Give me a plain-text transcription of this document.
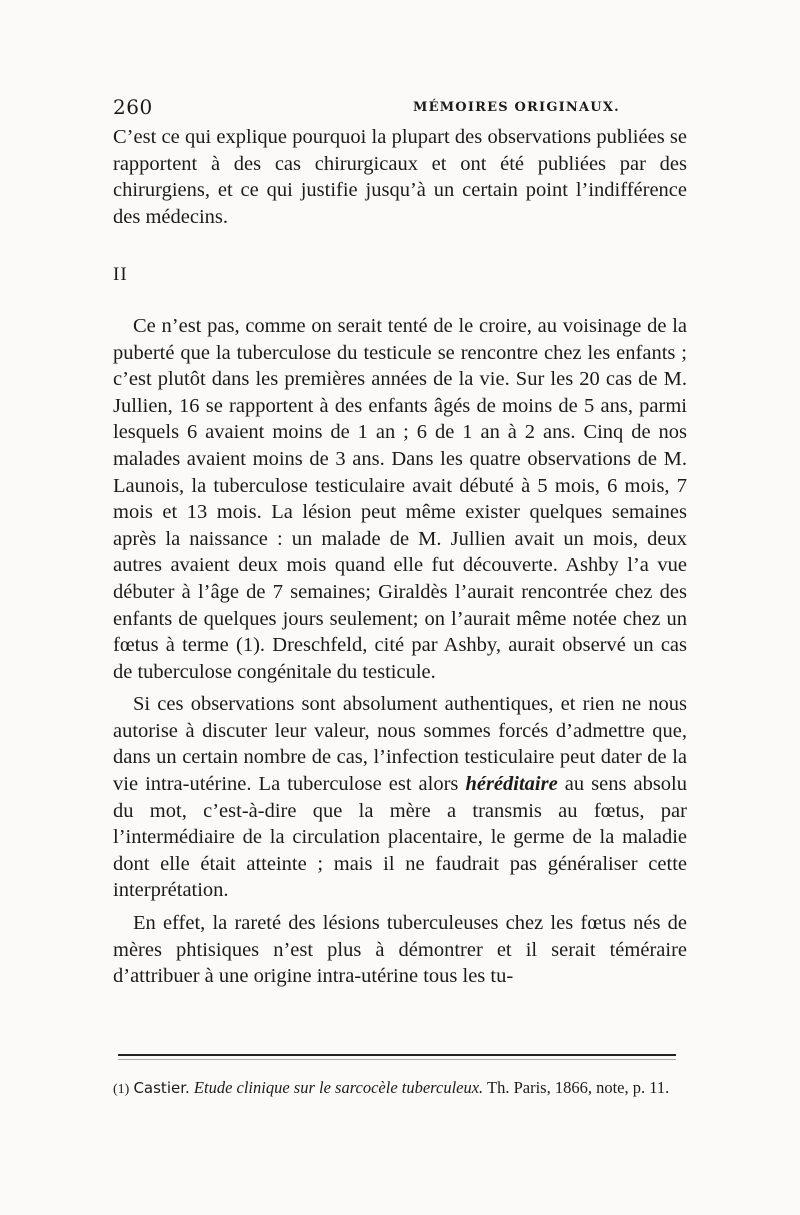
260	MÉMOIRES ORIGINAUX.

C’est ce qui explique pourquoi la plupart des observations publiées se rapportent à des cas chirurgicaux et ont été publiées par des chirurgiens, et ce qui justifie jusqu’à un certain point l’indifférence des médecins.

II

Ce n’est pas, comme on serait tenté de le croire, au voisinage de la puberté que la tuberculose du testicule se rencontre chez les enfants ; c’est plutôt dans les premières années de la vie. Sur les 20 cas de M. Jullien, 16 se rapportent à des enfants âgés de moins de 5 ans, parmi lesquels 6 avaient moins de 1 an ; 6 de 1 an à 2 ans. Cinq de nos malades avaient moins de 3 ans. Dans les quatre observations de M. Launois, la tuberculose testiculaire avait débuté à 5 mois, 6 mois, 7 mois et 13 mois. La lésion peut même exister quelques semaines après la naissance : un malade de M. Jullien avait un mois, deux autres avaient deux mois quand elle fut découverte. Ashby l’a vue débuter à l’âge de 7 semaines; Giraldès l’aurait rencontrée chez des enfants de quelques jours seulement; on l’aurait même notée chez un fœtus à terme (1). Dreschfeld, cité par Ashby, aurait observé un cas de tuberculose congénitale du testicule.

Si ces observations sont absolument authentiques, et rien ne nous autorise à discuter leur valeur, nous sommes forcés d’admettre que, dans un certain nombre de cas, l’infection testiculaire peut dater de la vie intra-utérine. La tuberculose est alors héréditaire au sens absolu du mot, c’est-à-dire que la mère a transmis au fœtus, par l’intermédiaire de la circulation placentaire, le germe de la maladie dont elle était atteinte ; mais il ne faudrait pas généraliser cette interprétation.

En effet, la rareté des lésions tuberculeuses chez les fœtus nés de mères phtisiques n’est plus à démontrer et il serait téméraire d’attribuer à une origine intra-utérine tous les tu-

(1) Castier. Etude clinique sur le sarcocèle tuberculeux. Th. Paris, 1866, note, p. 11.
